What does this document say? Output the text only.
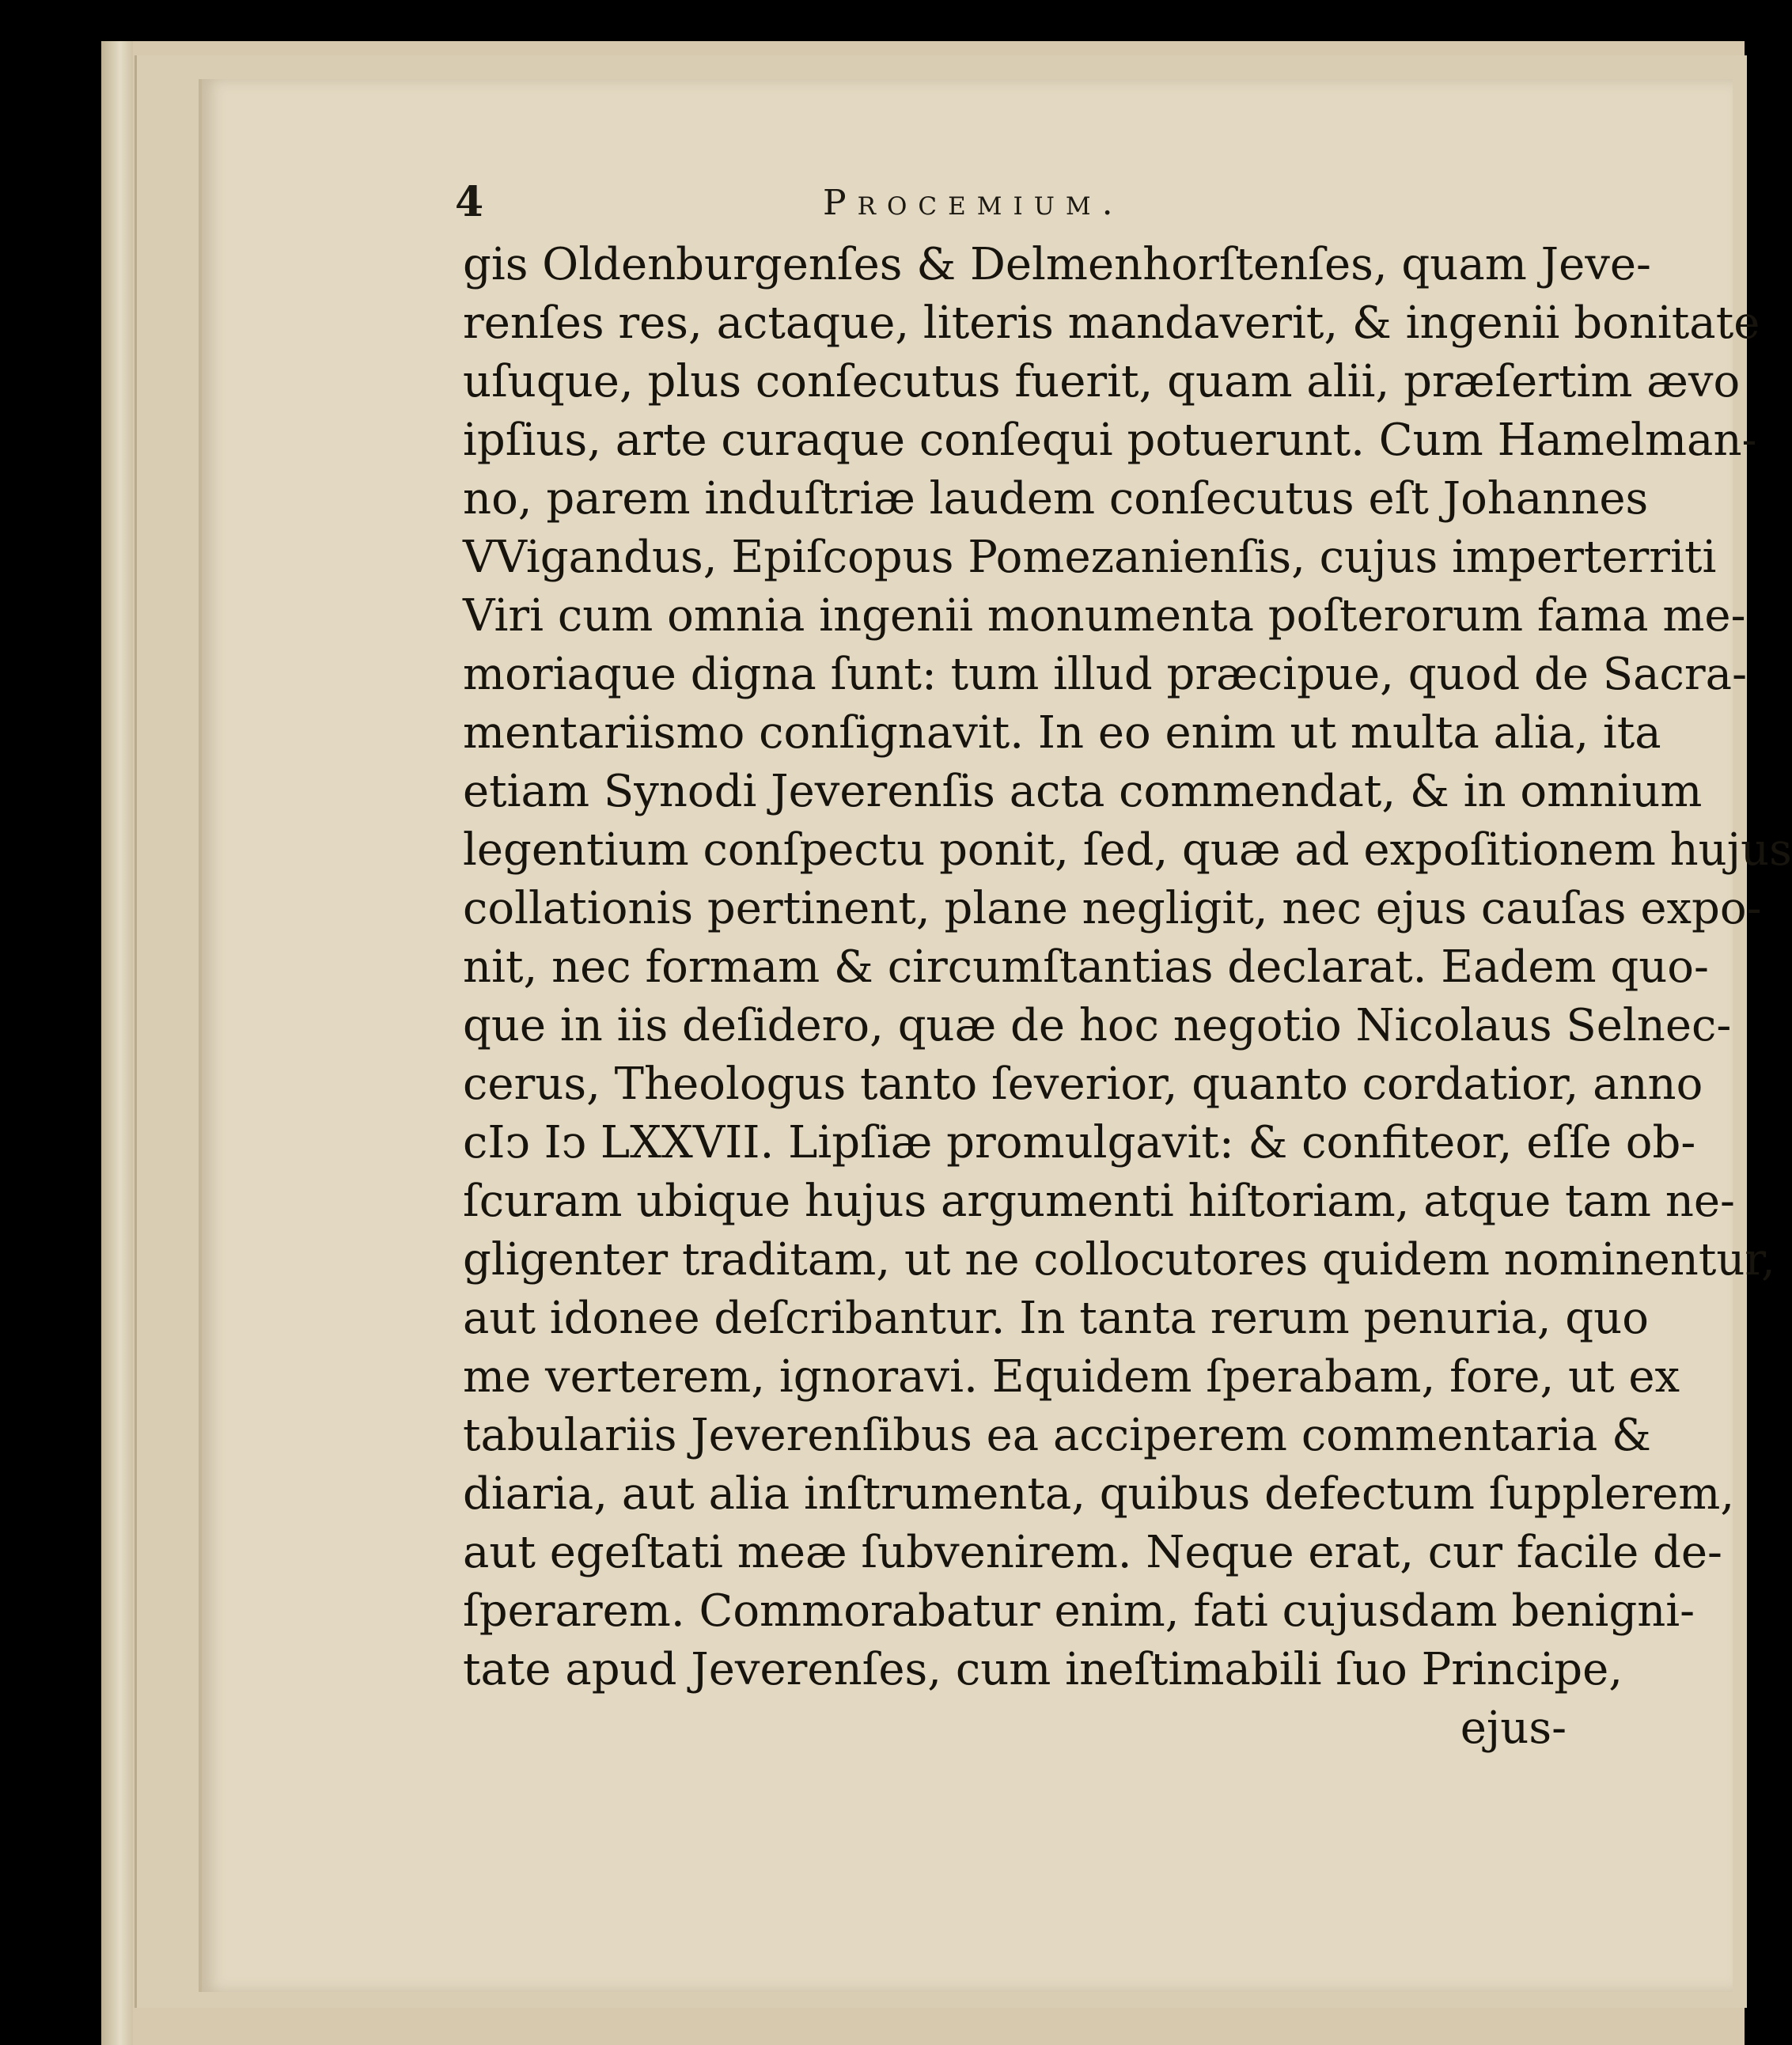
4	Procemium.
gis Oldenburgenſes & Delmenhorſtenſes, quam Jeve-
renſes res, actaque, literis mandaverit, & ingenii bonitate
uſuque, plus conſecutus fuerit, quam alii, præſertim ævo
ipſius, arte curaque conſequi potuerunt. Cum Hamelman-
no, parem induſtriæ laudem conſecutus eſt Johannes
VVigandus, Epiſcopus Pomezanienſis, cujus imperterriti
Viri cum omnia ingenii monumenta poſterorum fama me-
moriaque digna ſunt: tum illud præcipue, quod de Sacra-
mentariismo conſignavit. In eo enim ut multa alia, ita
etiam Synodi Jeverenſis acta commendat, & in omnium
legentium conſpectu ponit, ſed, quæ ad expoſitionem hujus
collationis pertinent, plane negligit, nec ejus cauſas expo-
nit, nec formam & circumſtantias declarat. Eadem quo-
que in iis deſidero, quæ de hoc negotio Nicolaus Selnec-
cerus, Theologus tanto ſeverior, quanto cordatior, anno
cIↄ Iↄ LXXVII. Lipſiæ promulgavit: & confiteor, eſſe ob-
ſcuram ubique hujus argumenti hiſtoriam, atque tam ne-
gligenter traditam, ut ne collocutores quidem nominentur,
aut idonee deſcribantur. In tanta rerum penuria, quo
me verterem, ignoravi. Equidem ſperabam, fore, ut ex
tabulariis Jeverenſibus ea acciperem commentaria &
diaria, aut alia inſtrumenta, quibus defectum ſupplerem,
aut egeſtati meæ ſubvenirem. Neque erat, cur facile de-
ſperarem. Commorabatur enim, fati cujusdam benigni-
tate apud Jeverenſes, cum ineſtimabili ſuo Principe,
ejus-
